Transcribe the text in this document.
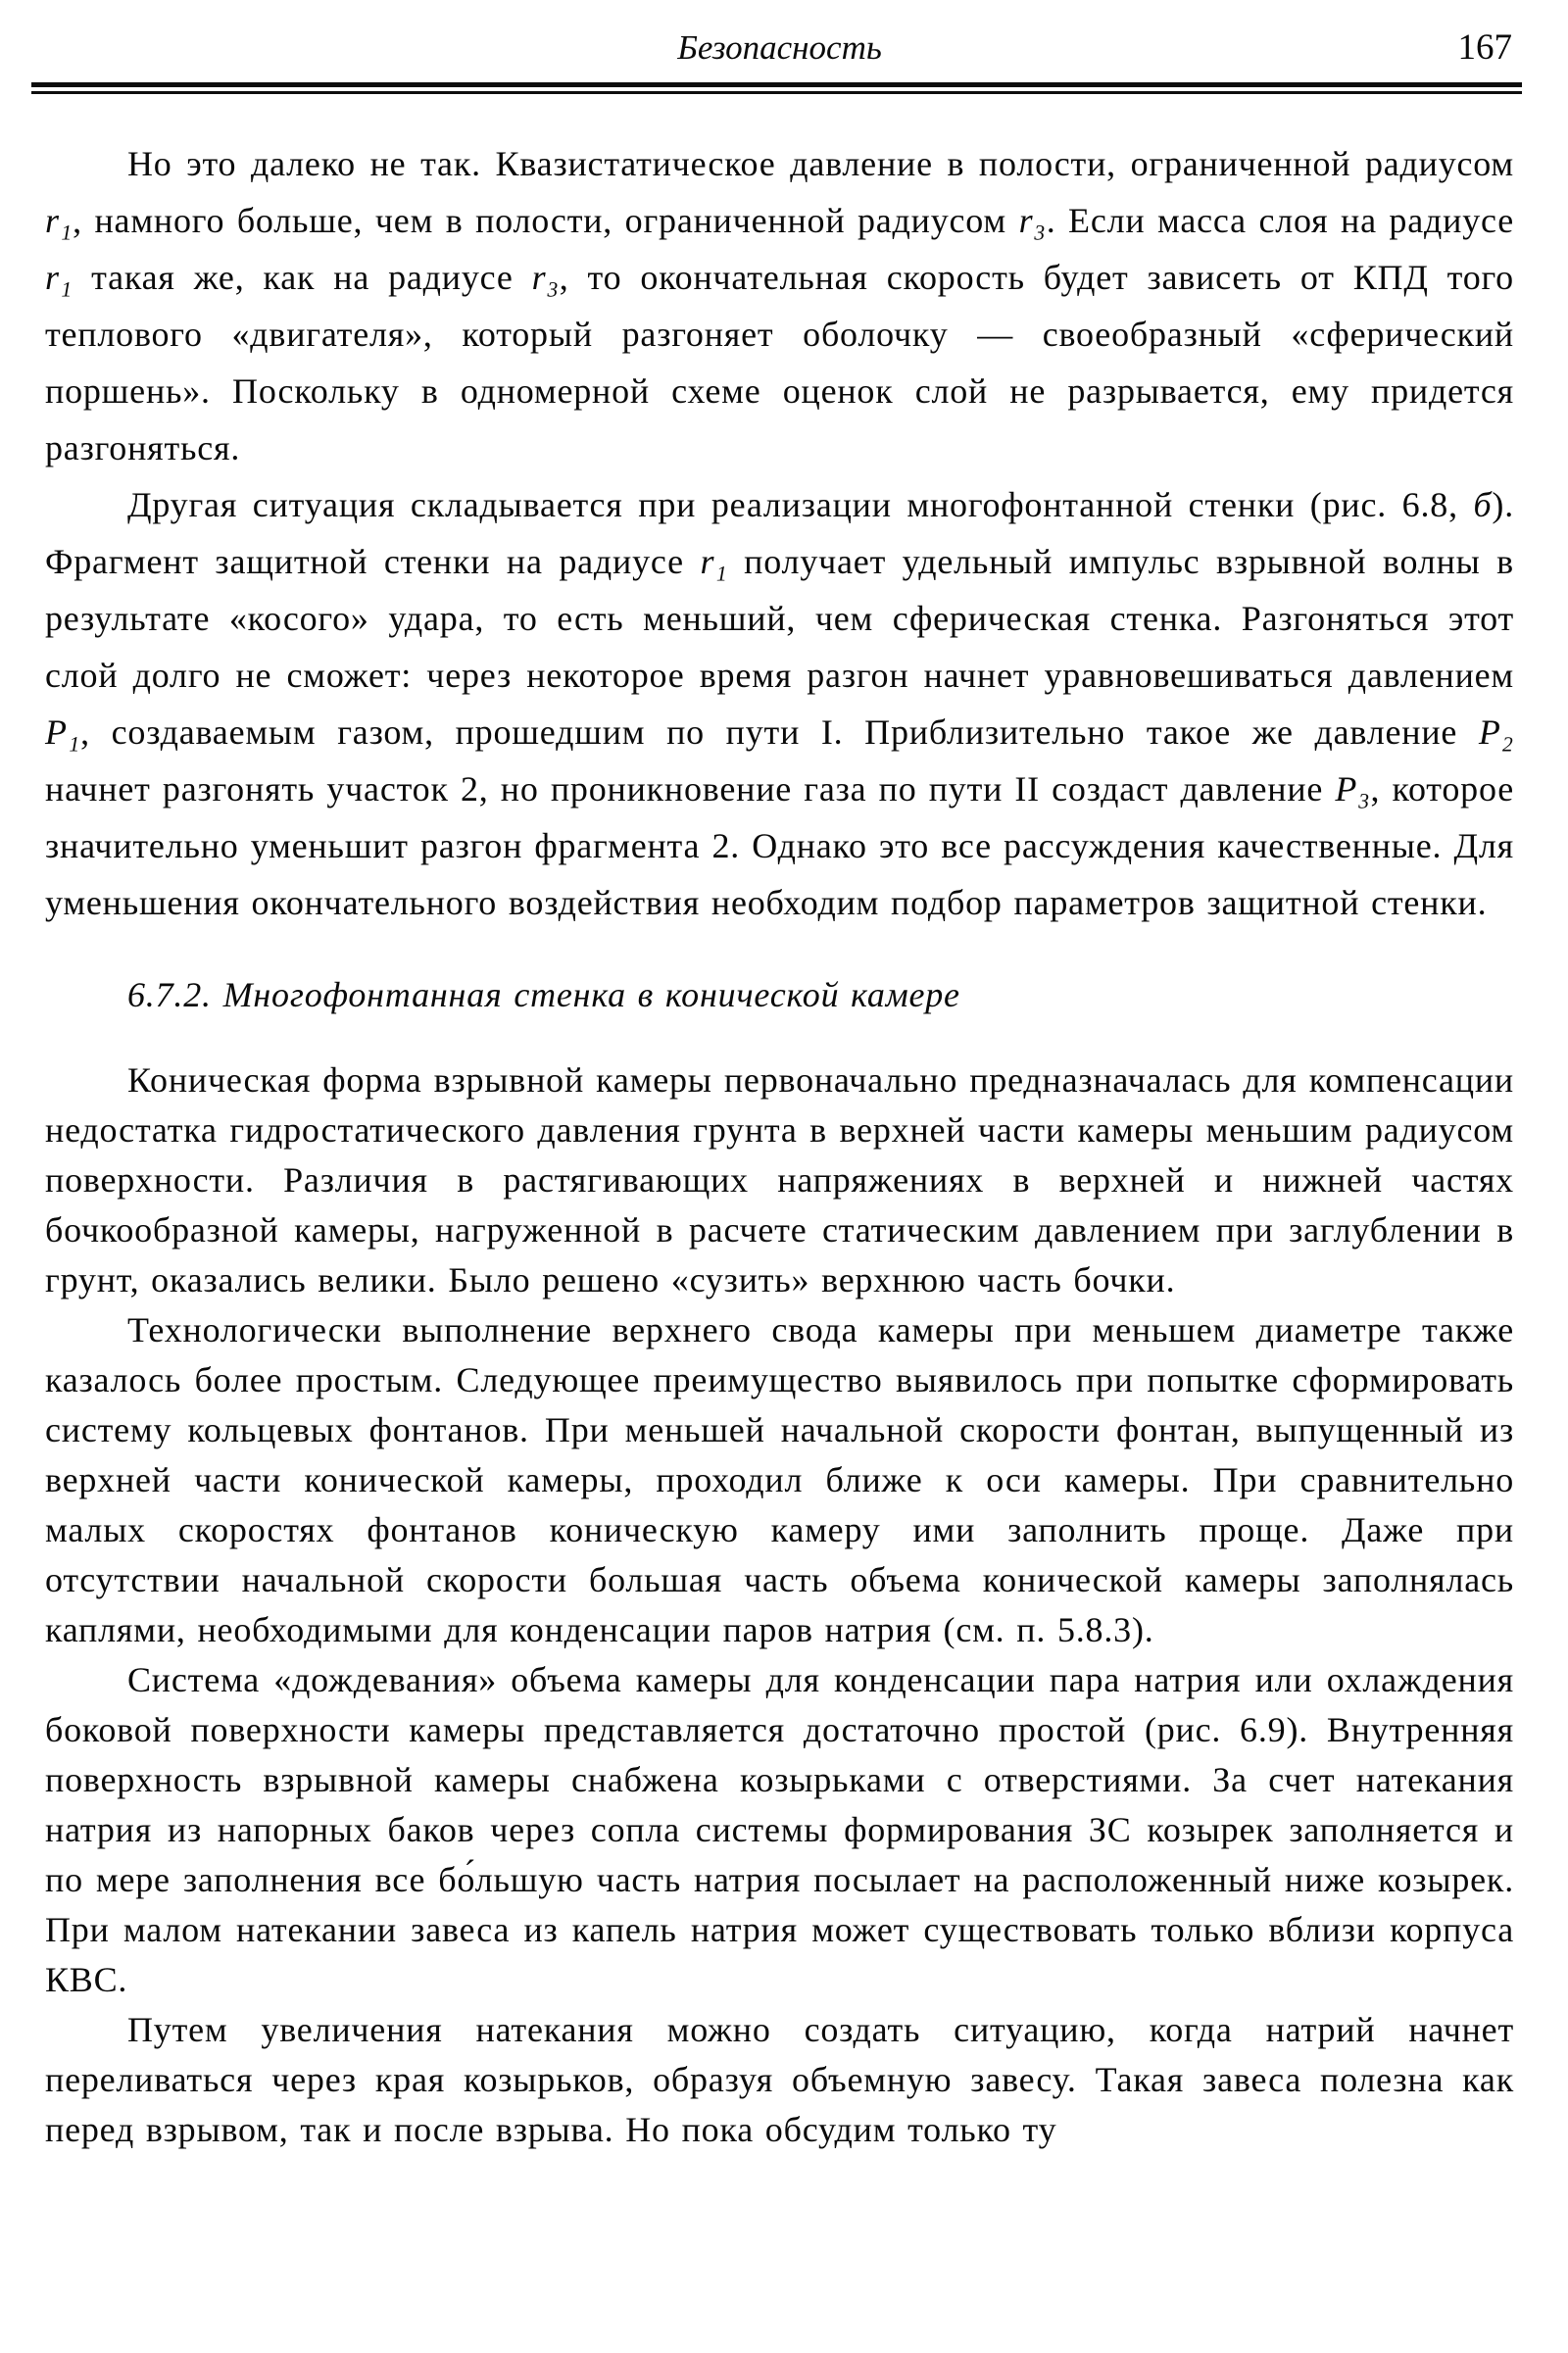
Безопасность	167

Но это далеко не так. Квазистатическое давление в полости, ограниченной радиусом r₁, намного больше, чем в полости, ограниченной радиусом r₃. Если масса слоя на радиусе r₁ такая же, как на радиусе r₃, то окончательная скорость будет зависеть от КПД того теплового «двигателя», который разгоняет оболочку — своеобразный «сферический поршень». Поскольку в одномерной схеме оценок слой не разрывается, ему придется разгоняться.

Другая ситуация складывается при реализации многофонтанной стенки (рис. 6.8, б). Фрагмент защитной стенки на радиусе r₁ получает удельный импульс взрывной волны в результате «косого» удара, то есть меньший, чем сферическая стенка. Разгоняться этот слой долго не сможет: через некоторое время разгон начнет уравновешиваться давлением P₁, создаваемым газом, прошедшим по пути I. Приблизительно такое же давление P₂ начнет разгонять участок 2, но проникновение газа по пути II создаст давление P₃, которое значительно уменьшит разгон фрагмента 2. Однако это все рассуждения качественные. Для уменьшения окончательного воздействия необходим подбор параметров защитной стенки.

6.7.2. Многофонтанная стенка в конической камере

Коническая форма взрывной камеры первоначально предназначалась для компенсации недостатка гидростатического давления грунта в верхней части камеры меньшим радиусом поверхности. Различия в растягивающих напряжениях в верхней и нижней частях бочкообразной камеры, нагруженной в расчете статическим давлением при заглублении в грунт, оказались велики. Было решено «сузить» верхнюю часть бочки.

Технологически выполнение верхнего свода камеры при меньшем диаметре также казалось более простым. Следующее преимущество выявилось при попытке сформировать систему кольцевых фонтанов. При меньшей начальной скорости фонтан, выпущенный из верхней части конической камеры, проходил ближе к оси камеры. При сравнительно малых скоростях фонтанов коническую камеру ими заполнить проще. Даже при отсутствии начальной скорости большая часть объема конической камеры заполнялась каплями, необходимыми для конденсации паров натрия (см. п. 5.8.3).

Система «дождевания» объема камеры для конденсации пара натрия или охлаждения боковой поверхности камеры представляется достаточно простой (рис. 6.9). Внутренняя поверхность взрывной камеры снабжена козырьками с отверстиями. За счет натекания натрия из напорных баков через сопла системы формирования ЗС козырек заполняется и по мере заполнения все бо́льшую часть натрия посылает на расположенный ниже козырек. При малом натекании завеса из капель натрия может существовать только вблизи корпуса КВС.

Путем увеличения натекания можно создать ситуацию, когда натрий начнет переливаться через края козырьков, образуя объемную завесу. Такая завеса полезна как перед взрывом, так и после взрыва. Но пока обсудим только ту
